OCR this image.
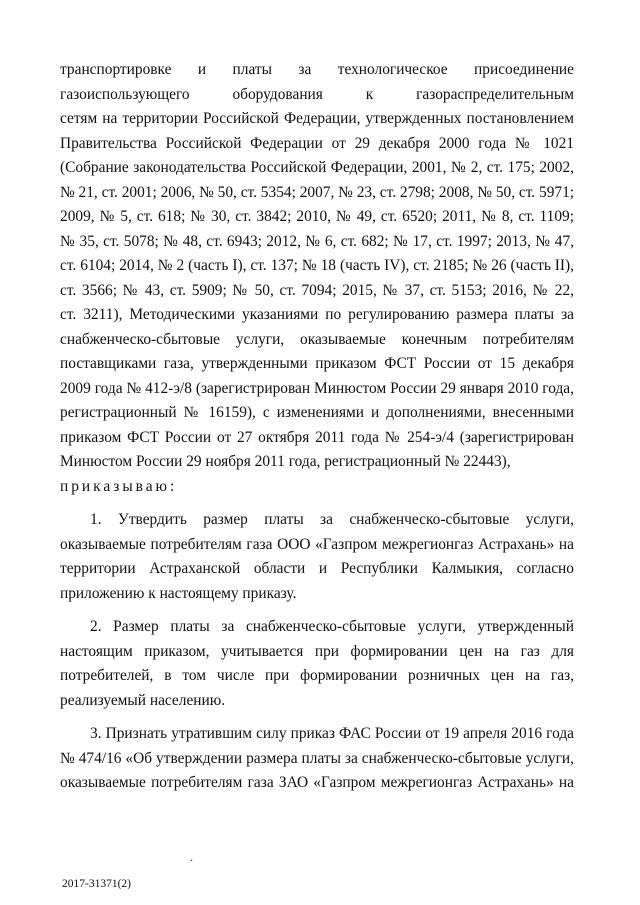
транспортировке и платы за технологическое присоединение
газоиспользующего оборудования к газораспределительным
сетям на территории Российской Федерации, утвержденных постановлением
Правительства Российской Федерации от 29 декабря 2000 года № 1021
(Собрание законодательства Российской Федерации, 2001, № 2, ст. 175; 2002,
№ 21, ст. 2001; 2006, № 50, ст. 5354; 2007, № 23, ст. 2798; 2008, № 50, ст. 5971;
2009, № 5, ст. 618; № 30, ст. 3842; 2010, № 49, ст. 6520; 2011, № 8, ст. 1109;
№ 35, ст. 5078; № 48, ст. 6943; 2012, № 6, ст. 682; № 17, ст. 1997; 2013, № 47,
ст. 6104; 2014, № 2 (часть I), ст. 137; № 18 (часть IV), ст. 2185; № 26 (часть II),
ст. 3566; № 43, ст. 5909; № 50, ст. 7094; 2015, № 37, ст. 5153; 2016, № 22,
ст. 3211), Методическими указаниями по регулированию размера платы за
снабженческо-сбытовые услуги, оказываемые конечным потребителям
поставщиками газа, утвержденными приказом ФСТ России от 15 декабря
2009 года № 412-э/8 (зарегистрирован Минюстом России 29 января 2010 года,
регистрационный № 16159), с изменениями и дополнениями, внесенными
приказом ФСТ России от 27 октября 2011 года № 254-э/4 (зарегистрирован
Минюстом России 29 ноября 2011 года, регистрационный № 22443),
приказываю:
1. Утвердить размер платы за снабженческо-сбытовые услуги,
оказываемые потребителям газа ООО «Газпром межрегионгаз Астрахань» на
территории Астраханской области и Республики Калмыкия, согласно
приложению к настоящему приказу.
2. Размер платы за снабженческо-сбытовые услуги, утвержденный
настоящим приказом, учитывается при формировании цен на газ для
потребителей, в том числе при формировании розничных цен на газ,
реализуемый населению.
3. Признать утратившим силу приказ ФАС России от 19 апреля 2016 года
№ 474/16 «Об утверждении размера платы за снабженческо-сбытовые услуги,
оказываемые потребителям газа ЗАО «Газпром межрегионгаз Астрахань» на
.
2017-31371(2)
